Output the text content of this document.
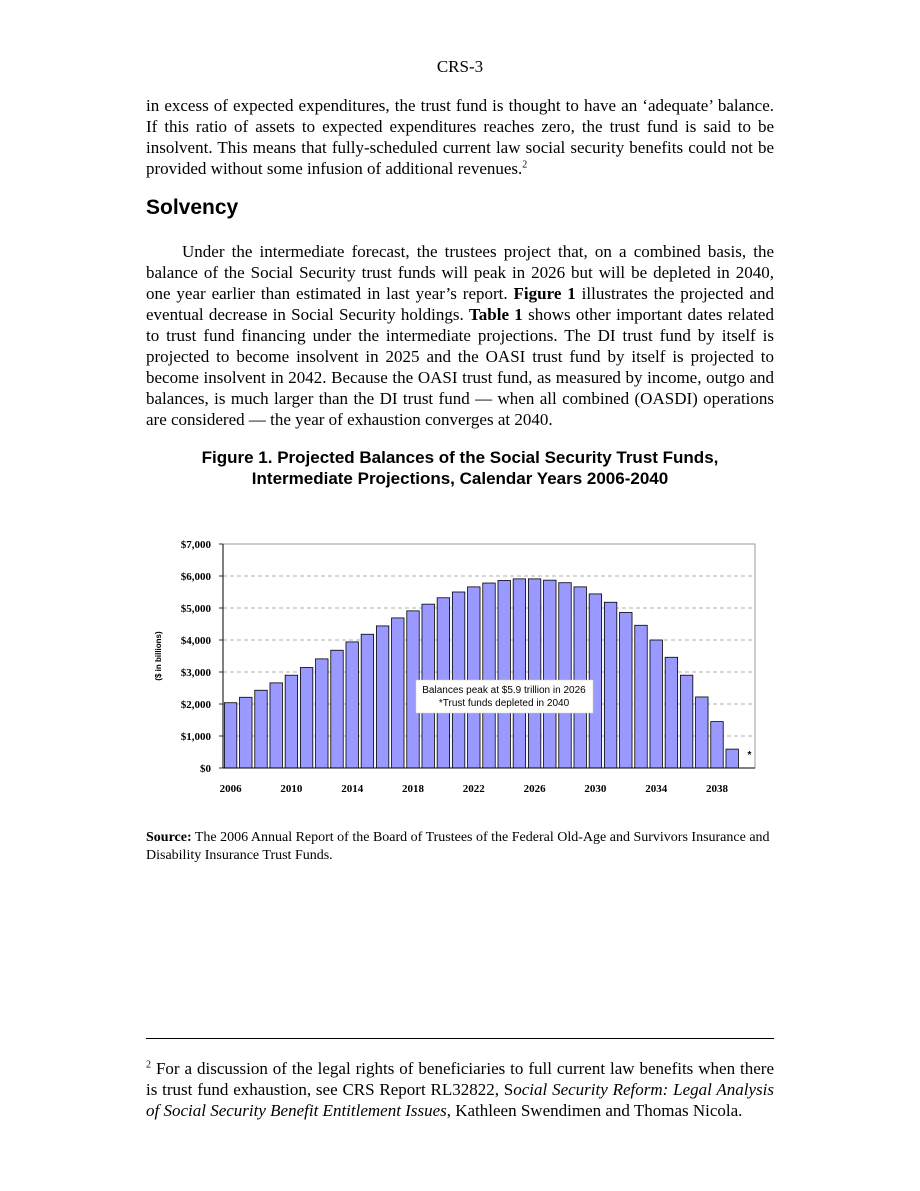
CRS-3

in excess of expected expenditures, the trust fund is thought to have an ‘adequate’ balance. If this ratio of assets to expected expenditures reaches zero, the trust fund is said to be insolvent. This means that fully-scheduled current law social security benefits could not be provided without some infusion of additional revenues.$^2$

Solvency

Under the intermediate forecast, the trustees project that, on a combined basis, the balance of the Social Security trust funds will peak in 2026 but will be depleted in 2040, one year earlier than estimated in last year’s report. Figure 1 illustrates the projected and eventual decrease in Social Security holdings. Table 1 shows other important dates related to trust fund financing under the intermediate projections. The DI trust fund by itself is projected to become insolvent in 2025 and the OASI trust fund by itself is projected to become insolvent in 2042. Because the OASI trust fund, as measured by income, outgo and balances, is much larger than the DI trust fund — when all combined (OASDI) operations are considered — the year of exhaustion converges at 2040.

Figure 1. Projected Balances of the Social Security Trust Funds,
Intermediate Projections, Calendar Years 2006-2040
$0
$1,000
$2,000
$3,000
$4,000
$5,000
$6,000
$7,000
2006	2010	2014	2018	2022	2026	2030	2034	2038
($ in billions)
Balances peak at $5.9 trillion in 2026
*Trust funds depleted in 2040
*
Source: The 2006 Annual Report of the Board of Trustees of the Federal Old-Age and Survivors Insurance and Disability Insurance Trust Funds.
$^2$ For a discussion of the legal rights of beneficiaries to full current law benefits when there is trust fund exhaustion, see CRS Report RL32822, Social Security Reform: Legal Analysis of Social Security Benefit Entitlement Issues, Kathleen Swendimen and Thomas Nicola.
